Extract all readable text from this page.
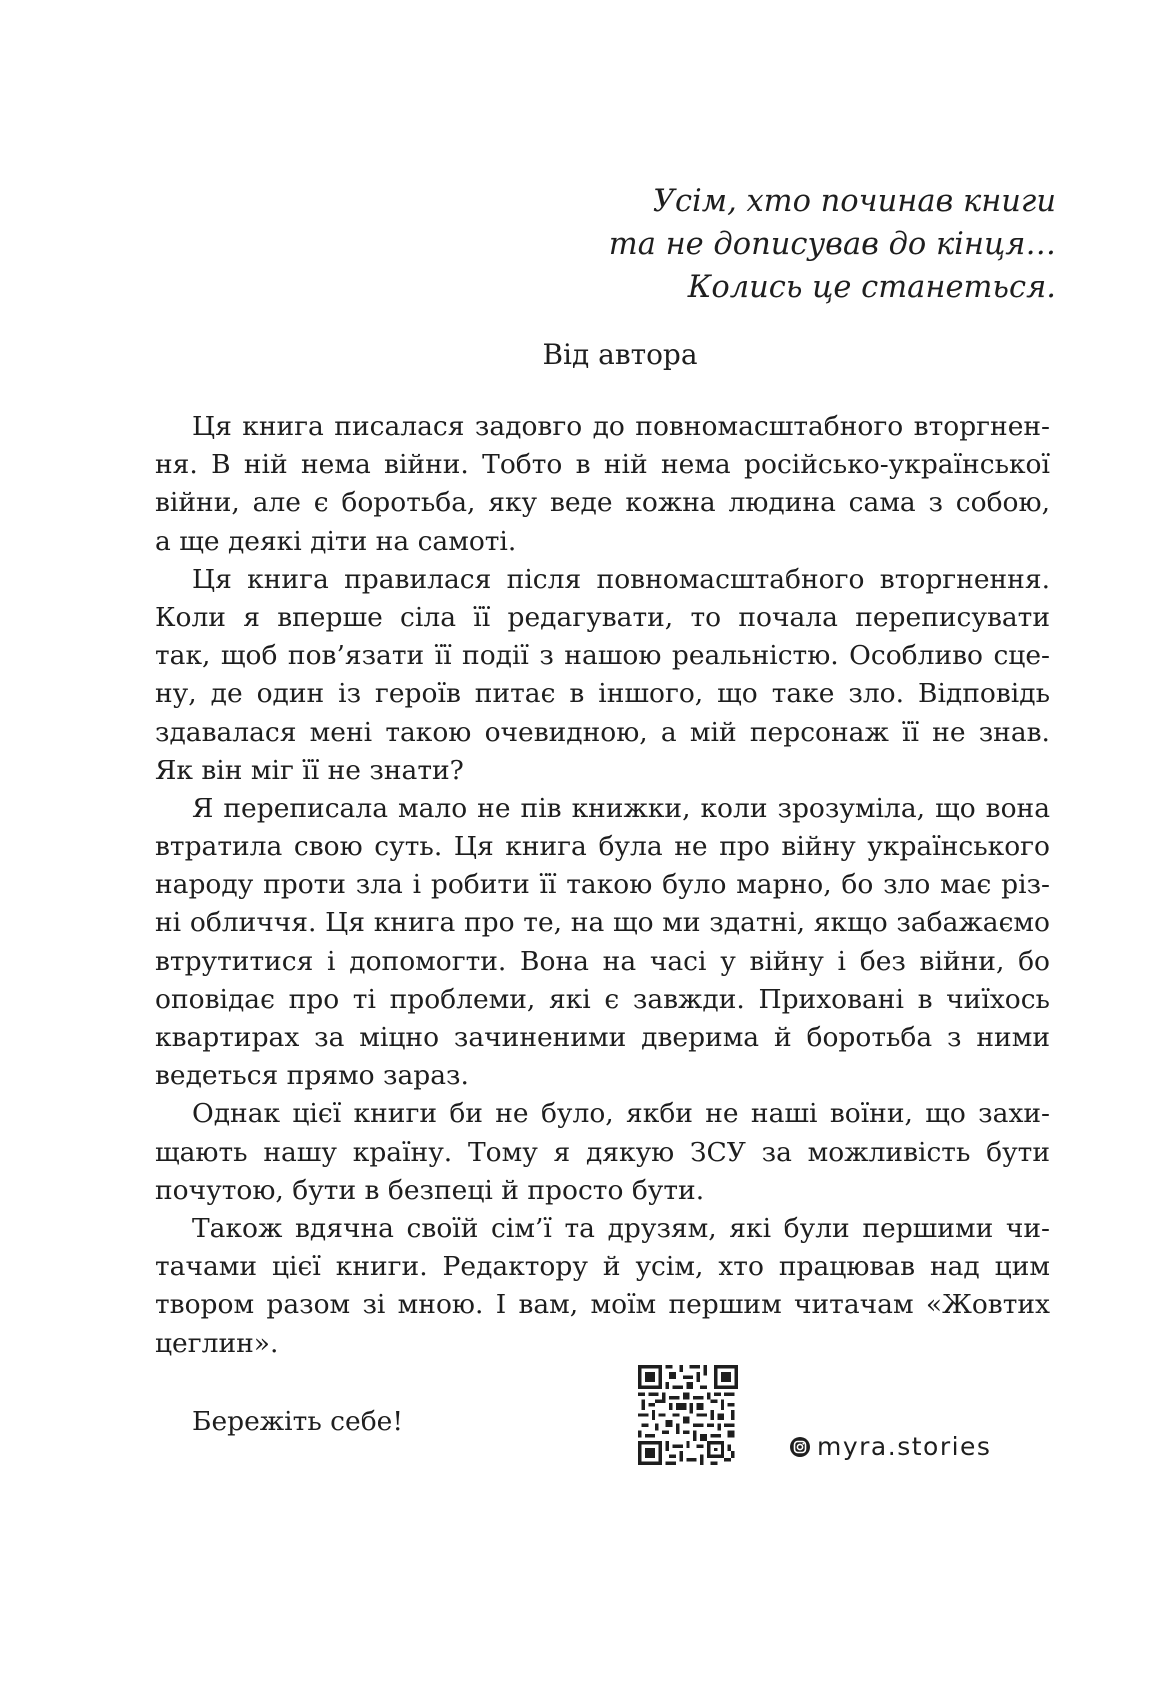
Усім, хто починав книги
та не дописував до кінця…
Колись це станеться.
Від автора
Ця книга писалася задовго до повномасштабного вторгнен-
ня. В ній нема війни. Тобто в ній нема російсько-української
війни, але є боротьба, яку веде кожна людина сама з собою,
а ще деякі діти на самоті.
Ця книга правилася після повномасштабного вторгнення.
Коли я вперше сіла її редагувати, то почала переписувати
так, щоб пов’язати її події з нашою реальністю. Особливо сце-
ну, де один із героїв питає в іншого, що таке зло. Відповідь
здавалася мені такою очевидною, а мій персонаж її не знав.
Як він міг її не знати?
Я переписала мало не пів книжки, коли зрозуміла, що вона
втратила свою суть. Ця книга була не про війну українського
народу проти зла і робити її такою було марно, бо зло має різ-
ні обличчя. Ця книга про те, на що ми здатні, якщо забажаємо
втрутитися і допомогти. Вона на часі у війну і без війни, бо
оповідає про ті проблеми, які є завжди. Приховані в чиїхось
квартирах за міцно зачиненими дверима й боротьба з ними
ведеться прямо зараз.
Однак цієї книги би не було, якби не наші воїни, що захи-
щають нашу країну. Тому я дякую ЗСУ за можливість бути
почутою, бути в безпеці й просто бути.
Також вдячна своїй сім’ї та друзям, які були першими чи-
тачами цієї книги. Редактору й усім, хто працював над цим
твором разом зі мною. І вам, моїм першим читачам «Жовтих
цеглин».
Бережіть себе!
myra.stories
